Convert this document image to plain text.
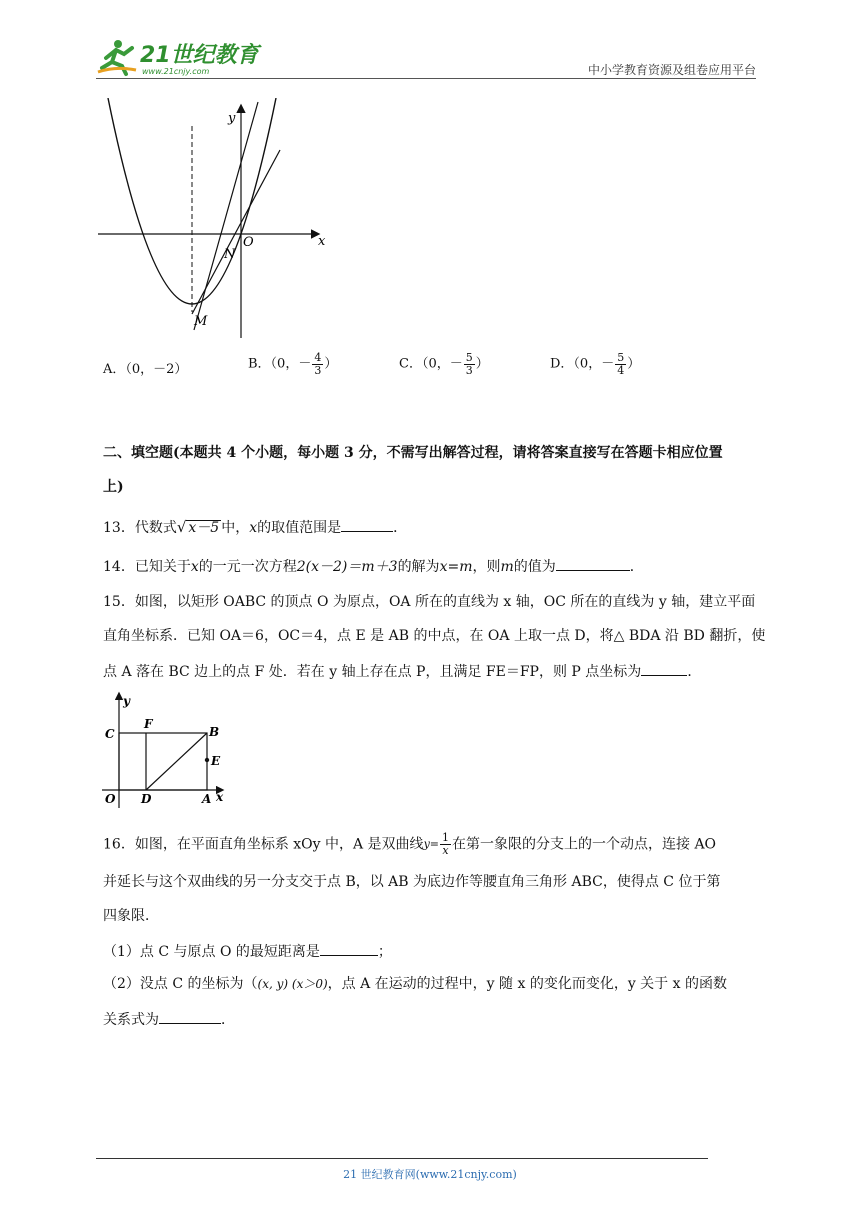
21世纪教育
www.21cnjy.com	中小学教育资源及组卷应用平台
y
x
O
N
M
A．（0，－2）	B．（0，－ $\frac{4}{3}$ ）	C．（0，－ $\frac{5}{3}$ ）	D．（0，－ $\frac{5}{4}$ ）
二、填空题(本题共 4 个小题，每小题 3 分，不需写出解答过程，请将答案直接写在答题卡相应位置
上)
13．代数式√ x－5 中，x的取值范围是	．
14．已知关于x的一元一次方程2(x－2)＝m＋3的解为x=m，则m的值为	．
15．如图，以矩形 OABC 的顶点 O 为原点，OA 所在的直线为 x 轴，OC 所在的直线为 y 轴，建立平面
直角坐标系．已知 OA＝6，OC＝4，点 E 是 AB 的中点，在 OA 上取一点 D，将△ BDA 沿 BD 翻折，使
点 A 落在 BC 边上的点 F 处．若在 y 轴上存在点 P，且满足 FE＝FP，则 P 点坐标为	．
y
x
O
C
F
B
E
D	A
16．如图，在平面直角坐标系 xOy 中，A 是双曲线$y= \frac{1}{x}$ 在第一象限的分支上的一个动点，连接 AO
并延长与这个双曲线的另一分支交于点 B，以 AB 为底边作等腰直角三角形 ABC，使得点 C 位于第
四象限．
（1）点 C 与原点 O 的最短距离是	；
（2）没点 C 的坐标为（(x, y) (x＞0)，点 A 在运动的过程中，y 随 x 的变化而变化，y 关于 x 的函数
关系式为	．
21 世纪教育网(www.21cnjy.com)
